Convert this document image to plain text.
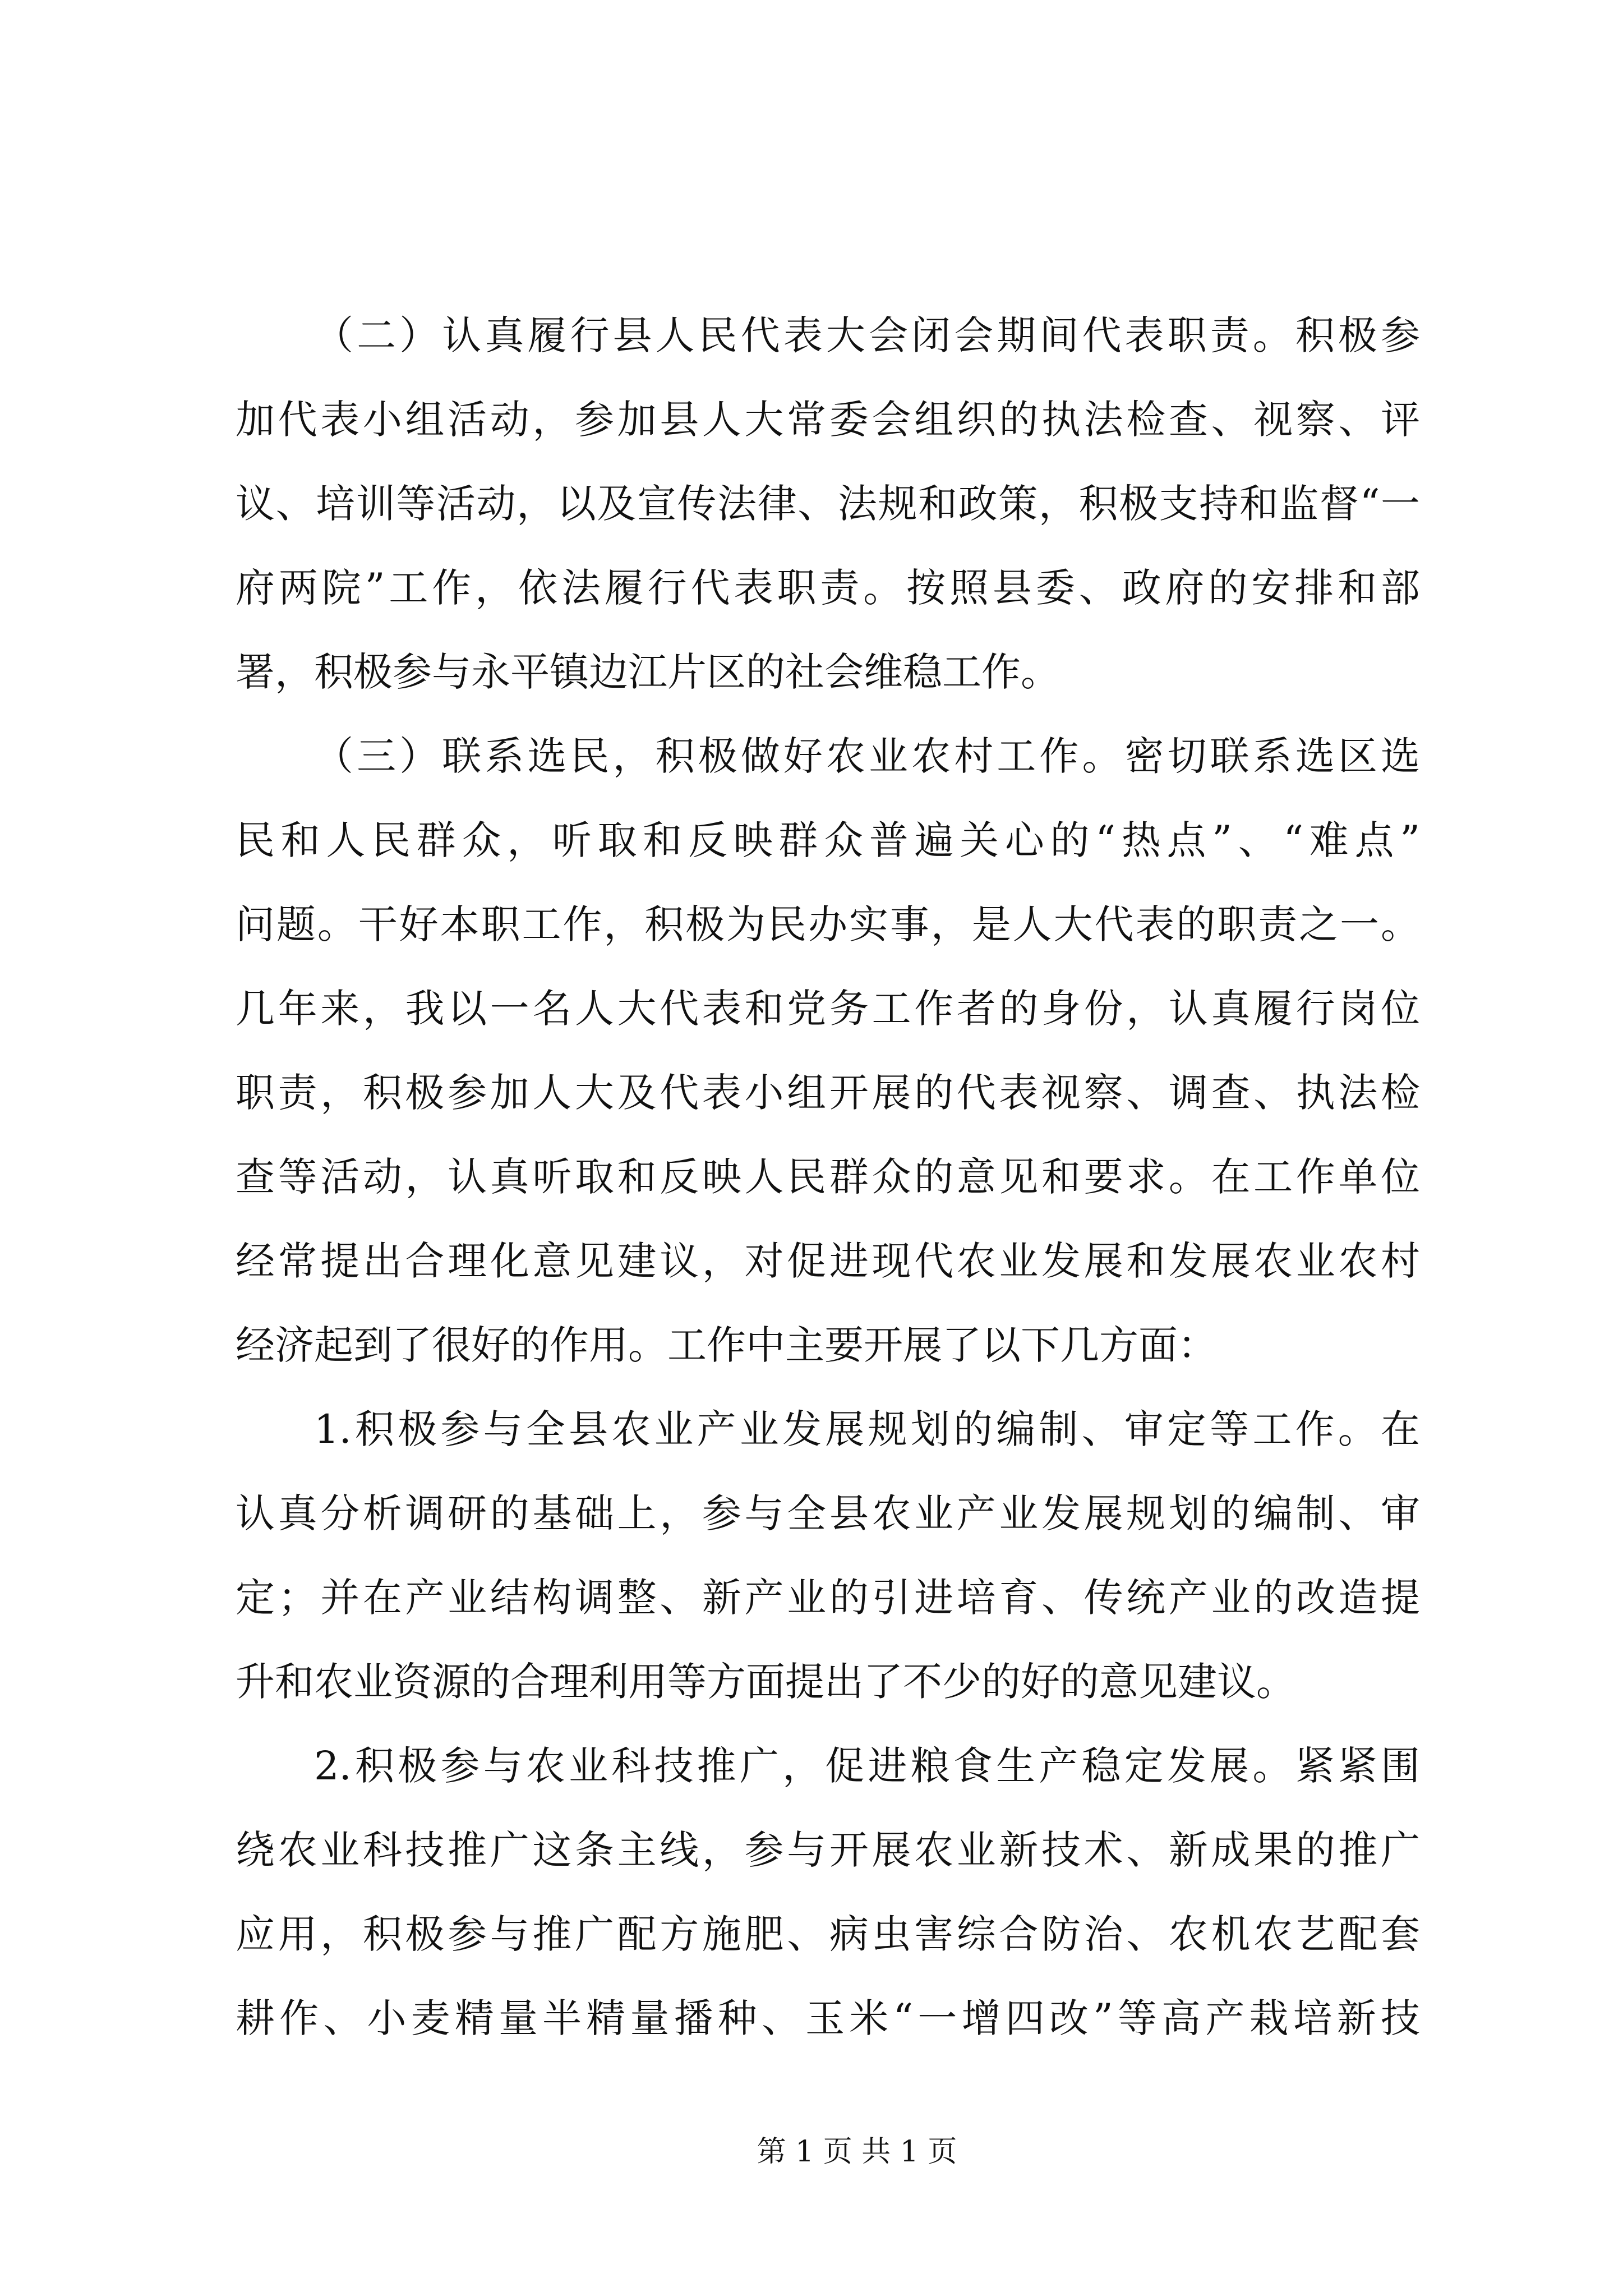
（二）认真履行县人民代表大会闭会期间代表职责。积极参
加代表小组活动，参加县人大常委会组织的执法检查、视察、评
议、培训等活动，以及宣传法律、法规和政策，积极支持和监督“一
府两院”工作，依法履行代表职责。按照县委、政府的安排和部
署，积极参与永平镇边江片区的社会维稳工作。
（三）联系选民，积极做好农业农村工作。密切联系选区选
民和人民群众，听取和反映群众普遍关心的“热点”、“难点”
问题。干好本职工作，积极为民办实事，是人大代表的职责之一。
几年来，我以一名人大代表和党务工作者的身份，认真履行岗位
职责，积极参加人大及代表小组开展的代表视察、调查、执法检
查等活动，认真听取和反映人民群众的意见和要求。在工作单位
经常提出合理化意见建议，对促进现代农业发展和发展农业农村
经济起到了很好的作用。工作中主要开展了以下几方面：
1.积极参与全县农业产业发展规划的编制、审定等工作。在
认真分析调研的基础上，参与全县农业产业发展规划的编制、审
定；并在产业结构调整、新产业的引进培育、传统产业的改造提
升和农业资源的合理利用等方面提出了不少的好的意见建议。
2.积极参与农业科技推广，促进粮食生产稳定发展。紧紧围
绕农业科技推广这条主线，参与开展农业新技术、新成果的推广
应用，积极参与推广配方施肥、病虫害综合防治、农机农艺配套
耕作、小麦精量半精量播种、玉米“一增四改”等高产栽培新技
第 1 页 共 1 页
